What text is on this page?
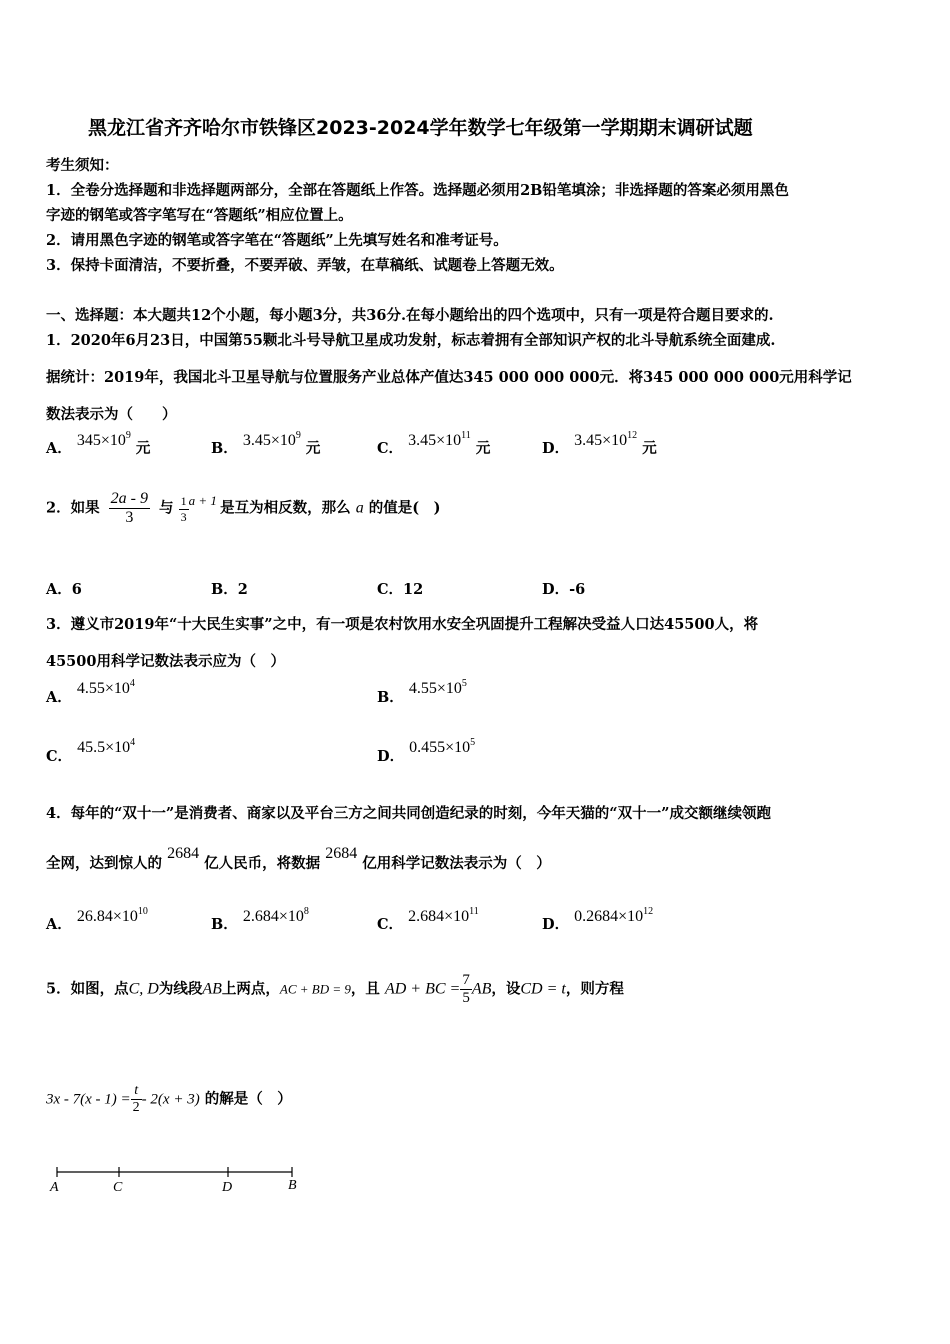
黑龙江省齐齐哈尔市铁锋区2023-2024学年数学七年级第一学期期末调研试题
考生须知：
1．全卷分选择题和非选择题两部分，全部在答题纸上作答。选择题必须用2B铅笔填涂；非选择题的答案必须用黑色
字迹的钢笔或答字笔写在“答题纸”相应位置上。
2．请用黑色字迹的钢笔或答字笔在“答题纸”上先填写姓名和准考证号。
3．保持卡面清洁，不要折叠，不要弄破、弄皱，在草稿纸、试题卷上答题无效。
一、选择题：本大题共12个小题，每小题3分，共36分.在每小题给出的四个选项中，只有一项是符合题目要求的.
1．2020年6月23日，中国第55颗北斗号导航卫星成功发射，标志着拥有全部知识产权的北斗导航系统全面建成.
据统计：2019年，我国北斗卫星导航与位置服务产业总体产值达345 000 000 000元．将345 000 000 000元用科学记
数法表示为（　　）
A． $345\times 10^9$ 元	B． $3.45\times 10^9$ 元	C． $3.45\times 10^{11}$ 元	D． $3.45\times 10^{12}$ 元
2．如果 $\frac{2a - 9}{3}$ 与 $\frac{1}{3}$ a + 1 是互为相反数，那么 a 的值是(　)
A．6	B．2	C．12	D．-6
3．遵义市2019年“十大民生实事”之中，有一项是农村饮用水安全巩固提升工程解决受益人口达45500人，将
45500用科学记数法表示应为（　）
A． $4.55\times 10^4$
B． $4.55\times 10^5$
C． $45.5\times 10^4$
D． $0.455\times 10^5$
4．每年的“双十一”是消费者、商家以及平台三方之间共同创造纪录的时刻，今年天猫的“双十一”成交额继续领跑
全网，达到惊人的 2684 亿人民币，将数据 2684 亿用科学记数法表示为（　）
A． $26.84\times 10^{10}$
B． $2.684\times 10^8$
C． $2.684\times 10^{11}$
D． $0.2684\times 10^{12}$
5．如图，点C, D为线段AB上两点，AC + BD = 9，且 AD + BC = $\frac{7}{5}$ AB，设CD = t，则方程
$3x - 7(x - 1) = \frac{t}{2} - 2(x + 3)$ 的解是（　）
A	C	D	B
